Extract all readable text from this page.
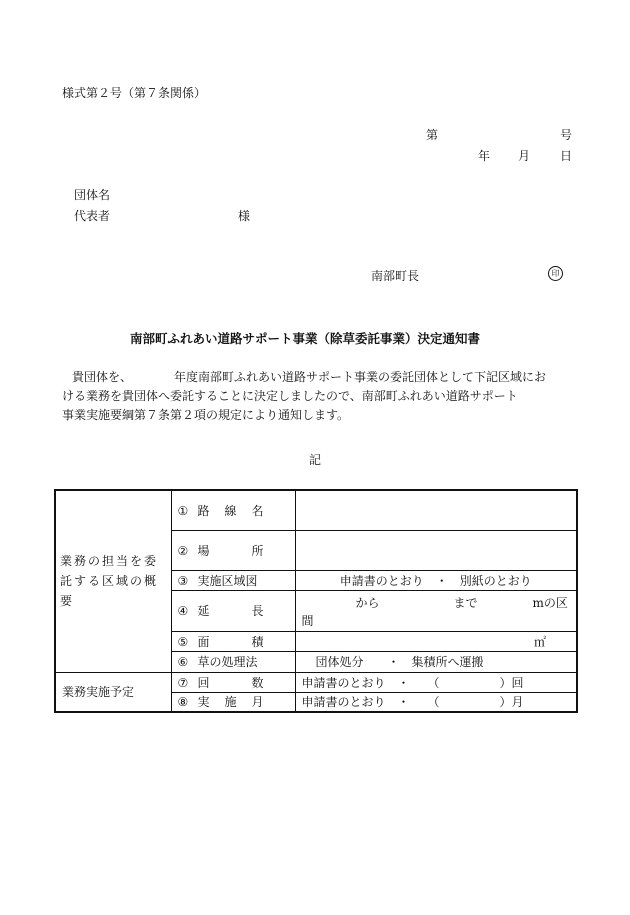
様式第２号（第７条関係）
第	号
年 月 日
団体名
代表者	様
南部町長	印
南部町ふれあい道路サポート事業（除草委託事業）決定通知書
貴団体を、　　　　年度南部町ふれあい道路サポート事業の委託団体として下記区域にお
ける業務を貴団体へ委託することに決定しましたので、南部町ふれあい道路サポート
事業実施要綱第７条第２項の規定により通知します。
記
業務の担当を委託する区域の概要	① 路 線 名	

	② 場 所	

	③ 実施区域図	申請書のとおり　・　別紙のとおり
	④ 延 長	から まで mの区
間

	⑤ 面 積	㎡
	⑥ 草の処理法	団体処分　　・　集積所へ運搬
業務実施予定	⑦ 回 数	申請書のとおり　・　　（　　　　　）回
	⑧ 実 施 月	申請書のとおり　・　　（　　　　　）月
